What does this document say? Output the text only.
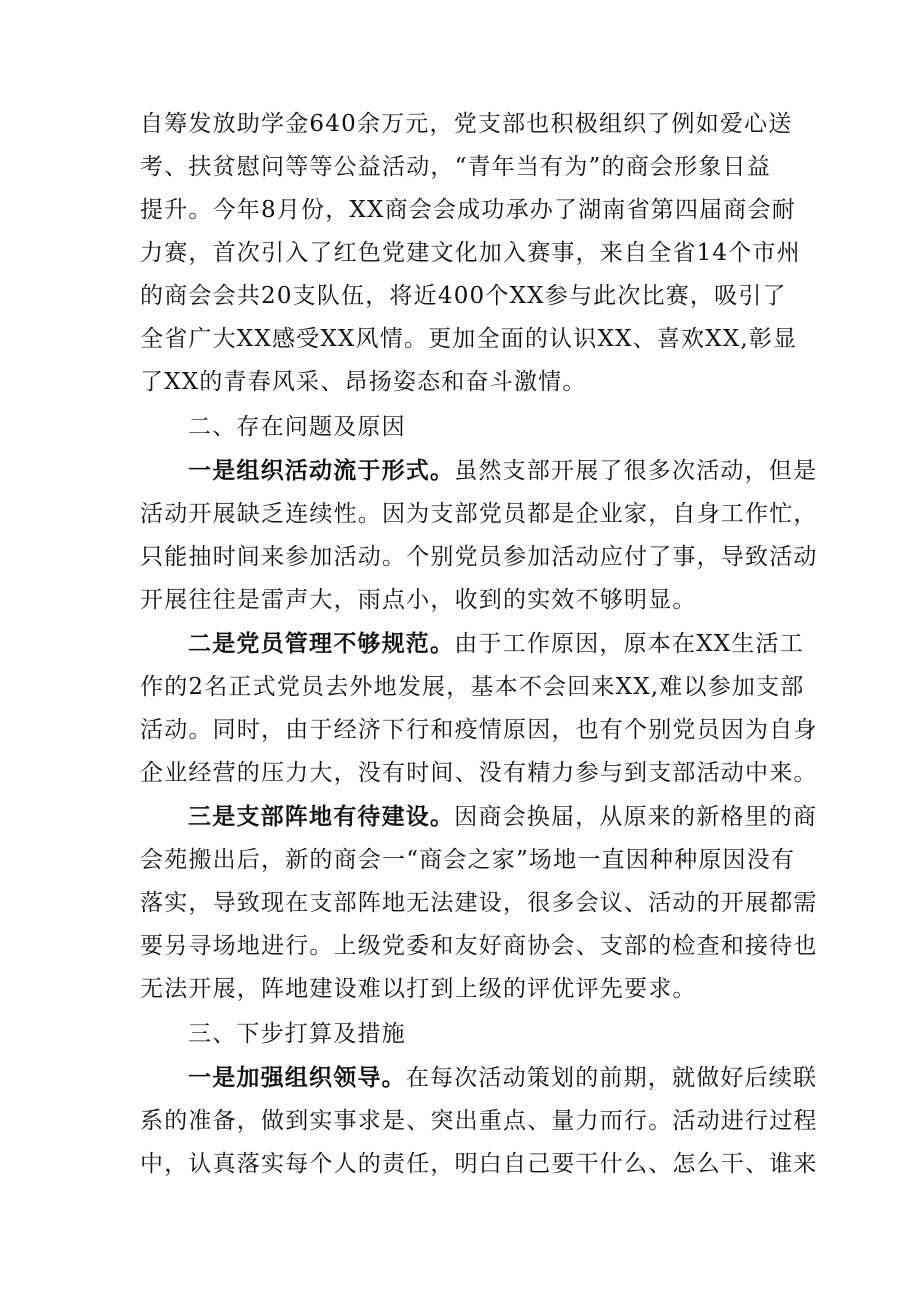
自筹发放助学金640余万元，党支部也积极组织了例如爱心送
考、扶贫慰问等等公益活动，“青年当有为”的商会形象日益
提升。今年8月份，XX商会会成功承办了湖南省第四届商会耐
力赛，首次引入了红色党建文化加入赛事，来自全省14个市州
的商会会共20支队伍，将近400个XX参与此次比赛，吸引了
全省广大XX感受XX风情。更加全面的认识XX、喜欢XX,彰显
了XX的青春风采、昂扬姿态和奋斗激情。
二、存在问题及原因
一是组织活动流于形式。虽然支部开展了很多次活动，但是
活动开展缺乏连续性。因为支部党员都是企业家，自身工作忙，
只能抽时间来参加活动。个别党员参加活动应付了事，导致活动
开展往往是雷声大，雨点小，收到的实效不够明显。
二是党员管理不够规范。由于工作原因，原本在XX生活工
作的2名正式党员去外地发展，基本不会回来XX,难以参加支部
活动。同时，由于经济下行和疫情原因，也有个别党员因为自身
企业经营的压力大，没有时间、没有精力参与到支部活动中来。
三是支部阵地有待建设。因商会换届，从原来的新格里的商
会苑搬出后，新的商会一“商会之家”场地一直因种种原因没有
落实，导致现在支部阵地无法建设，很多会议、活动的开展都需
要另寻场地进行。上级党委和友好商协会、支部的检查和接待也
无法开展，阵地建设难以打到上级的评优评先要求。
三、下步打算及措施
一是加强组织领导。在每次活动策划的前期，就做好后续联
系的准备，做到实事求是、突出重点、量力而行。活动进行过程
中，认真落实每个人的责任，明白自己要干什么、怎么干、谁来
